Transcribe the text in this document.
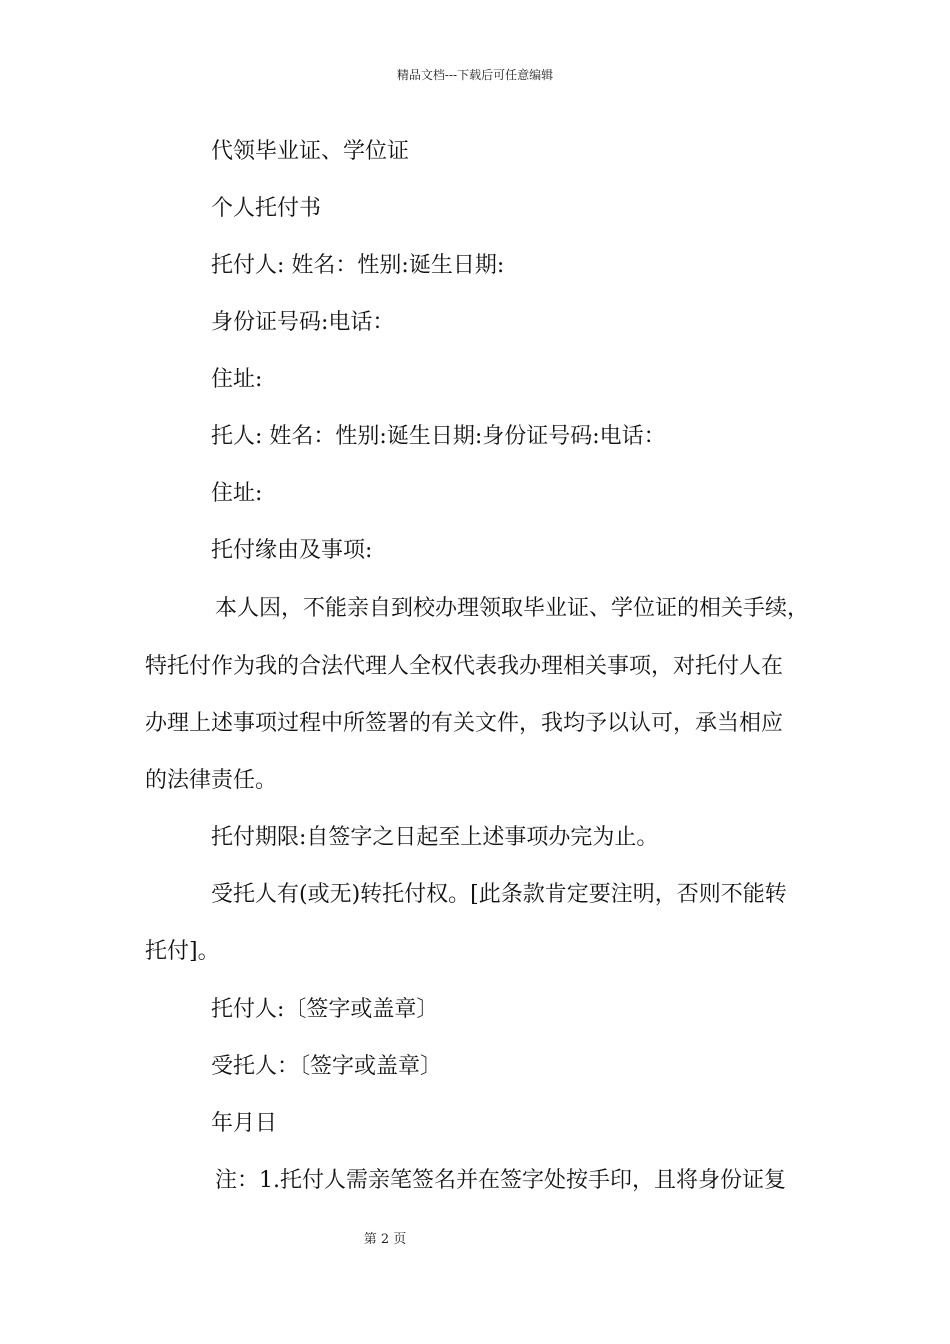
精品文档---下载后可任意编辑
代领毕业证、学位证
个人托付书
托付人: 姓名：性别:诞生日期:
身份证号码:电话：
住址:
托人: 姓名：性别:诞生日期:身份证号码:电话：
住址:
托付缘由及事项:
本人因，不能亲自到校办理领取毕业证、学位证的相关手续，
特托付作为我的合法代理人全权代表我办理相关事项，对托付人在
办理上述事项过程中所签署的有关文件，我均予以认可，承当相应
的法律责任。
托付期限:自签字之日起至上述事项办完为止。
受托人有(或无)转托付权。[此条款肯定要注明，否则不能转
托付]。
托付人:〔签字或盖章〕
受托人：〔签字或盖章〕
年月日
注：1.托付人需亲笔签名并在签字处按手印，且将身份证复
第 2 页
